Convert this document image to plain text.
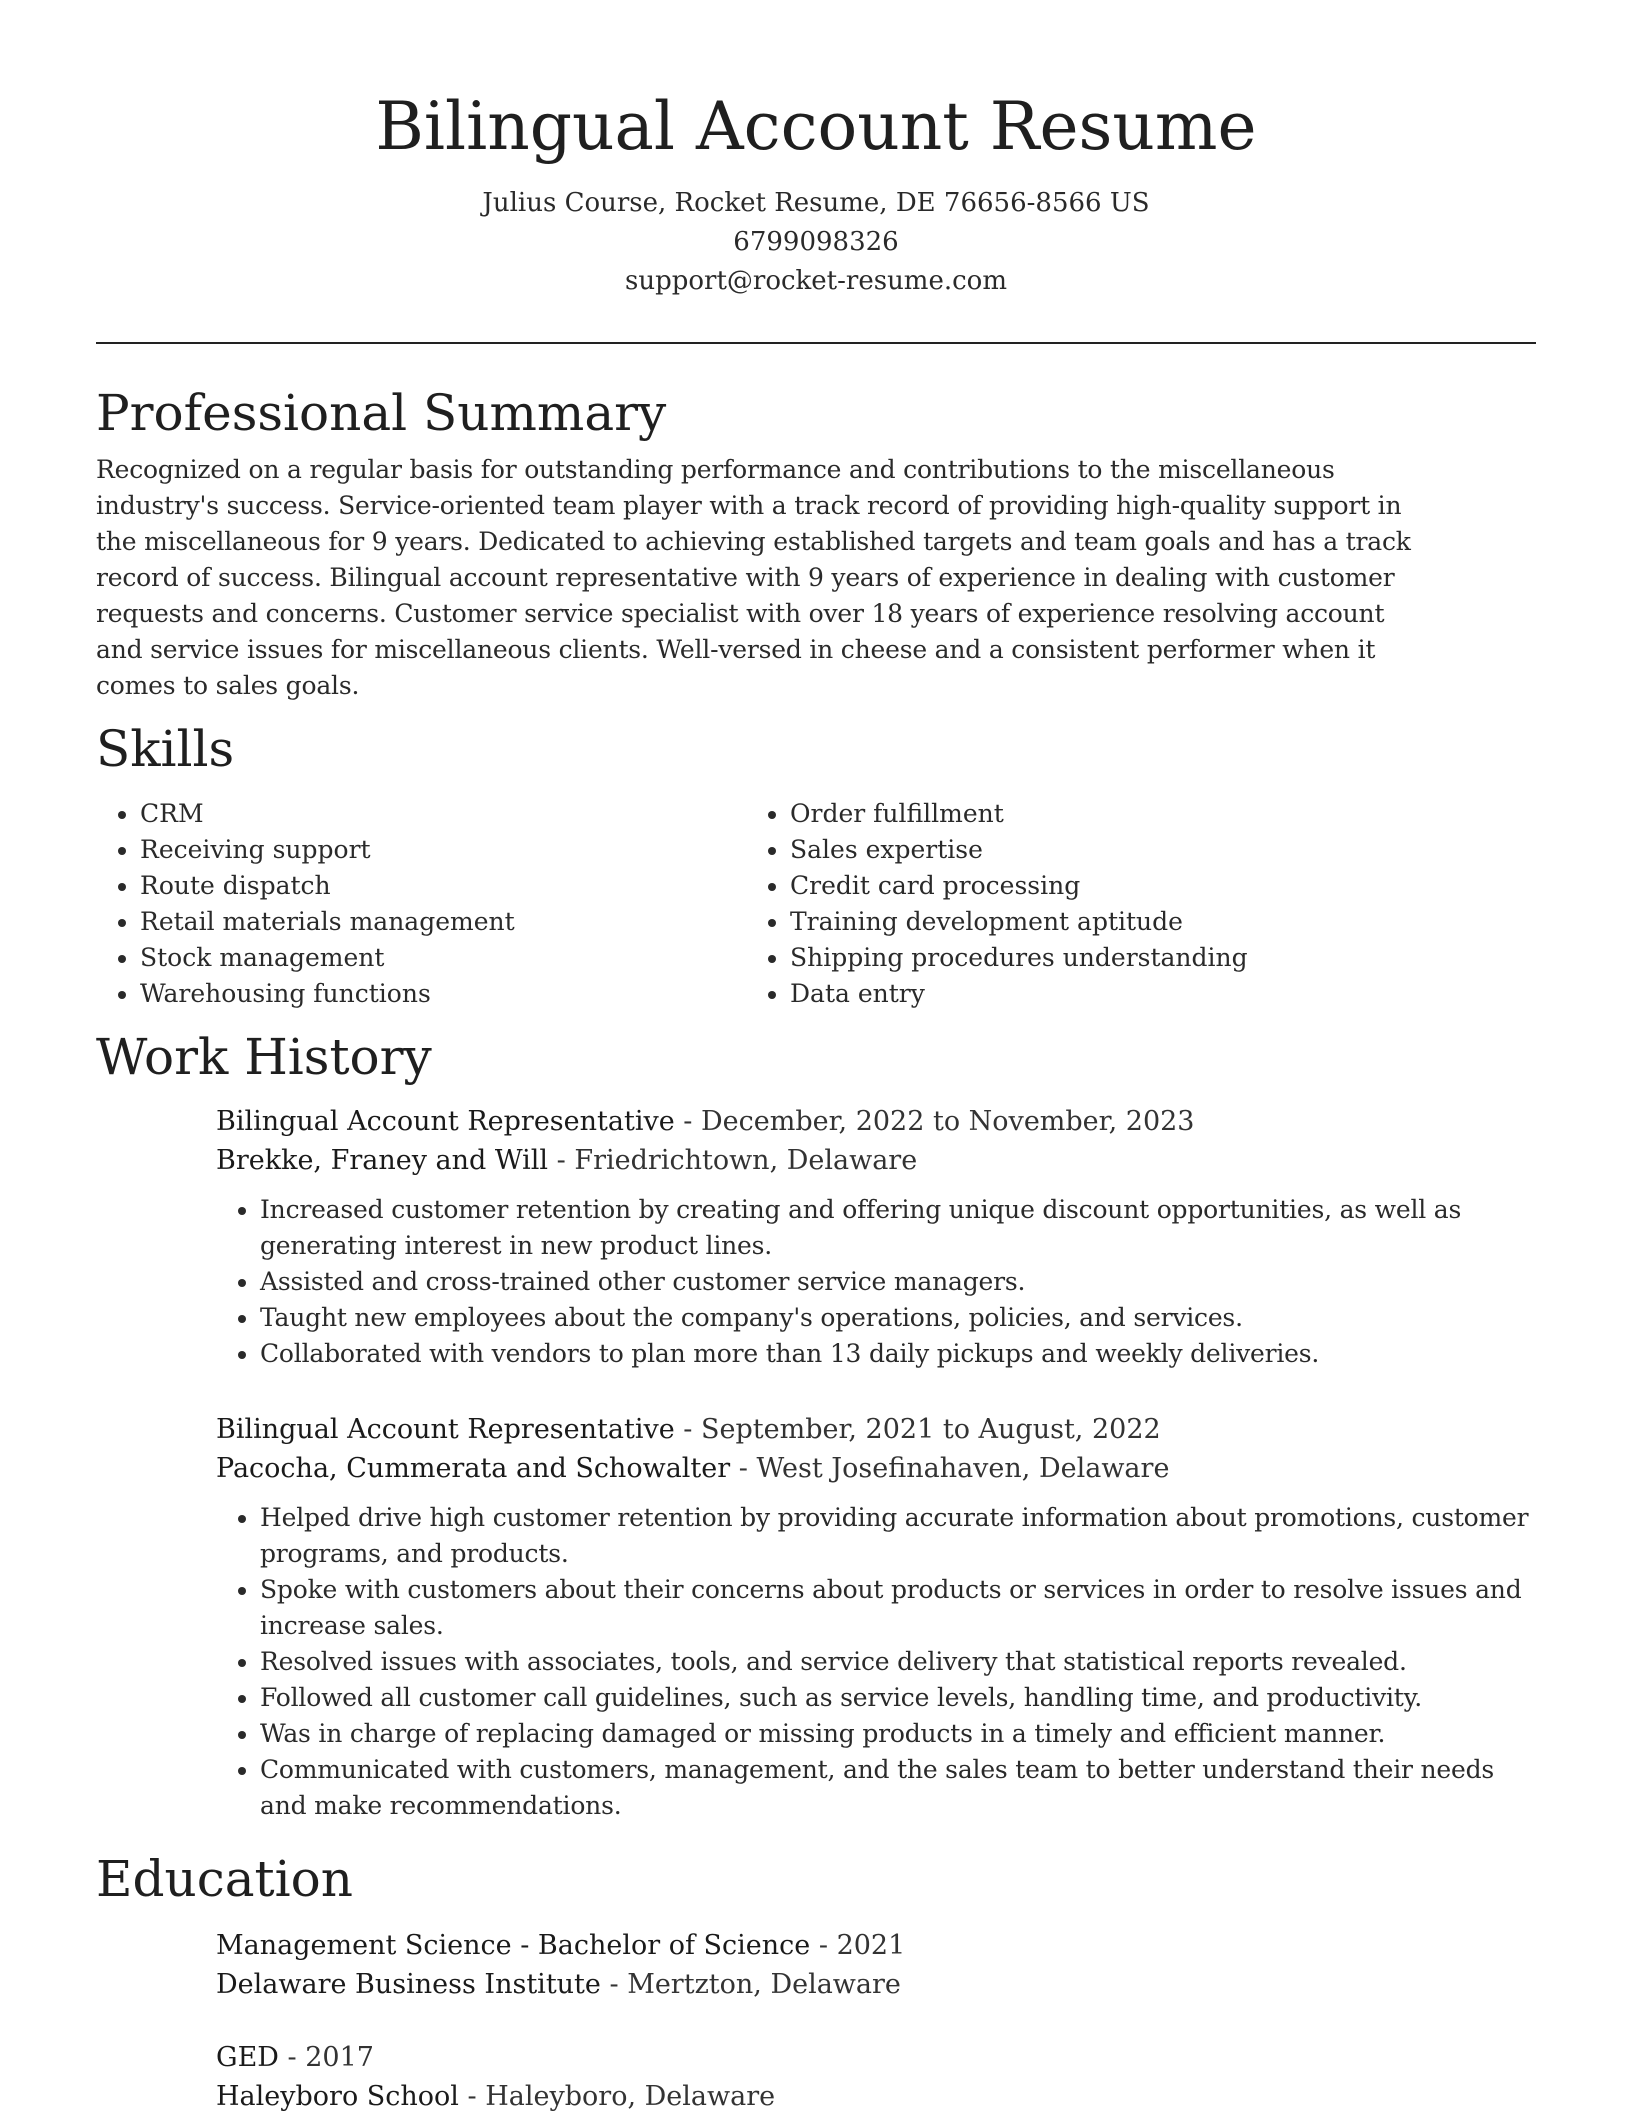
Bilingual Account Resume
Julius Course, Rocket Resume, DE 76656-8566 US
6799098326
support@rocket-resume.com
Professional Summary

Recognized on a regular basis for outstanding performance and contributions to the miscellaneous industry's success. Service-oriented team player with a track record of providing high-quality support in the miscellaneous for 9 years. Dedicated to achieving established targets and team goals and has a track record of success. Bilingual account representative with 9 years of experience in dealing with customer requests and concerns. Customer service specialist with over 18 years of experience resolving account and service issues for miscellaneous clients. Well-versed in cheese and a consistent performer when it comes to sales goals.

Skills
• CRM
• Receiving support
• Route dispatch
• Retail materials management
• Stock management
• Warehousing functions
• Order fulfillment
• Sales expertise
• Credit card processing
• Training development aptitude
• Shipping procedures understanding
• Data entry
Work History
Bilingual Account Representative - December, 2022 to November, 2023
Brekke, Franey and Will - Friedrichtown, Delaware
• Increased customer retention by creating and offering unique discount opportunities, as well as generating interest in new product lines.
• Assisted and cross-trained other customer service managers.
• Taught new employees about the company's operations, policies, and services.
• Collaborated with vendors to plan more than 13 daily pickups and weekly deliveries.
Bilingual Account Representative - September, 2021 to August, 2022
Pacocha, Cummerata and Schowalter - West Josefinahaven, Delaware
• Helped drive high customer retention by providing accurate information about promotions, customer programs, and products.
• Spoke with customers about their concerns about products or services in order to resolve issues and increase sales.
• Resolved issues with associates, tools, and service delivery that statistical reports revealed.
• Followed all customer call guidelines, such as service levels, handling time, and productivity.
• Was in charge of replacing damaged or missing products in a timely and efficient manner.
• Communicated with customers, management, and the sales team to better understand their needs and make recommendations.
Education
Management Science - Bachelor of Science - 2021
Delaware Business Institute - Mertzton, Delaware
GED - 2017
Haleyboro School - Haleyboro, Delaware
